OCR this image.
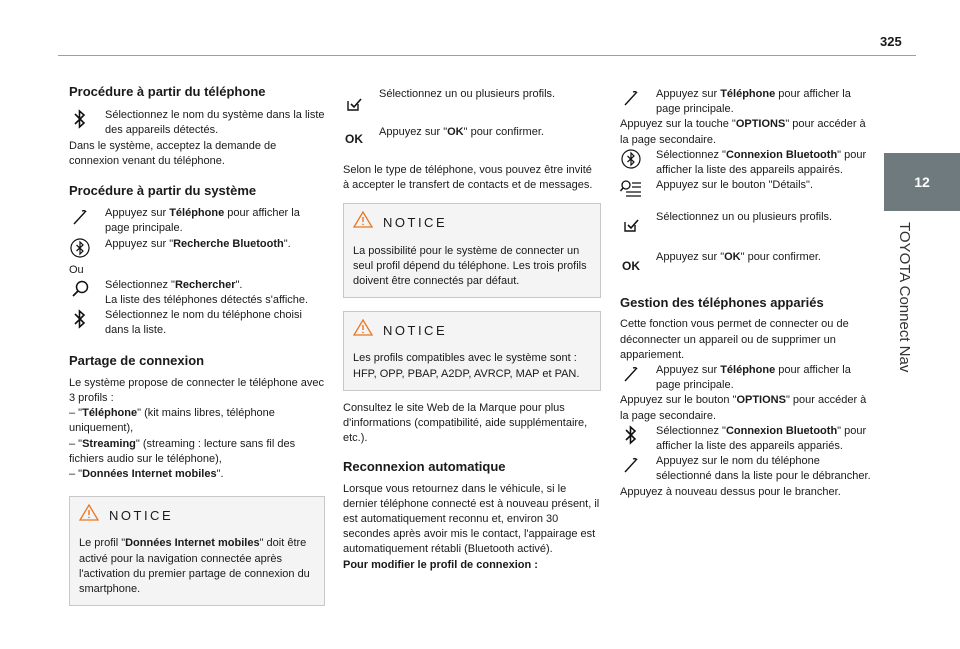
325
12
TOYOTA Connect Nav
Procédure à partir du téléphone

Sélectionnez le nom du système dans la liste des appareils détectés.

Dans le système, acceptez la demande de connexion venant du téléphone.

Procédure à partir du système

Appuyez sur Téléphone pour afficher la page principale.

Appuyez sur "Recherche Bluetooth".

Ou

Sélectionnez "Rechercher".
La liste des téléphones détectés s'affiche.

Sélectionnez le nom du téléphone choisi dans la liste.

Partage de connexion

Le système propose de connecter le téléphone avec 3 profils :

– "Téléphone" (kit mains libres, téléphone uniquement),

– "Streaming" (streaming : lecture sans fil des fichiers audio sur le téléphone),

– "Données Internet mobiles".

NOTICE

Le profil "Données Internet mobiles" doit être activé pour la navigation connectée après l'activation du premier partage de connexion du smartphone.

Sélectionnez un ou plusieurs profils.

OK

Appuyez sur "OK" pour confirmer.

Selon le type de téléphone, vous pouvez être invité à accepter le transfert de contacts et de messages.

NOTICE

La possibilité pour le système de connecter un seul profil dépend du téléphone. Les trois profils doivent être connectés par défaut.

NOTICE

Les profils compatibles avec le système sont : HFP, OPP, PBAP, A2DP, AVRCP, MAP et PAN.

Consultez le site Web de la Marque pour plus d'informations (compatibilité, aide supplémentaire, etc.).

Reconnexion automatique

Lorsque vous retournez dans le véhicule, si le dernier téléphone connecté est à nouveau présent, il est automatiquement reconnu et, environ 30 secondes après avoir mis le contact, l'appairage est automatiquement rétabli (Bluetooth activé).

Pour modifier le profil de connexion :

Appuyez sur Téléphone pour afficher la page principale.

Appuyez sur la touche "OPTIONS" pour accéder à la page secondaire.

Sélectionnez "Connexion Bluetooth" pour afficher la liste des appareils appairés.

Appuyez sur le bouton "Détails".

Sélectionnez un ou plusieurs profils.

OK

Appuyez sur "OK" pour confirmer.

Gestion des téléphones appariés

Cette fonction vous permet de connecter ou de déconnecter un appareil ou de supprimer un appariement.

Appuyez sur Téléphone pour afficher la page principale.

Appuyez sur le bouton "OPTIONS" pour accéder à la page secondaire.

Sélectionnez "Connexion Bluetooth" pour afficher la liste des appareils appariés.

Appuyez sur le nom du téléphone sélectionné dans la liste pour le débrancher.

Appuyez à nouveau dessus pour le brancher.
